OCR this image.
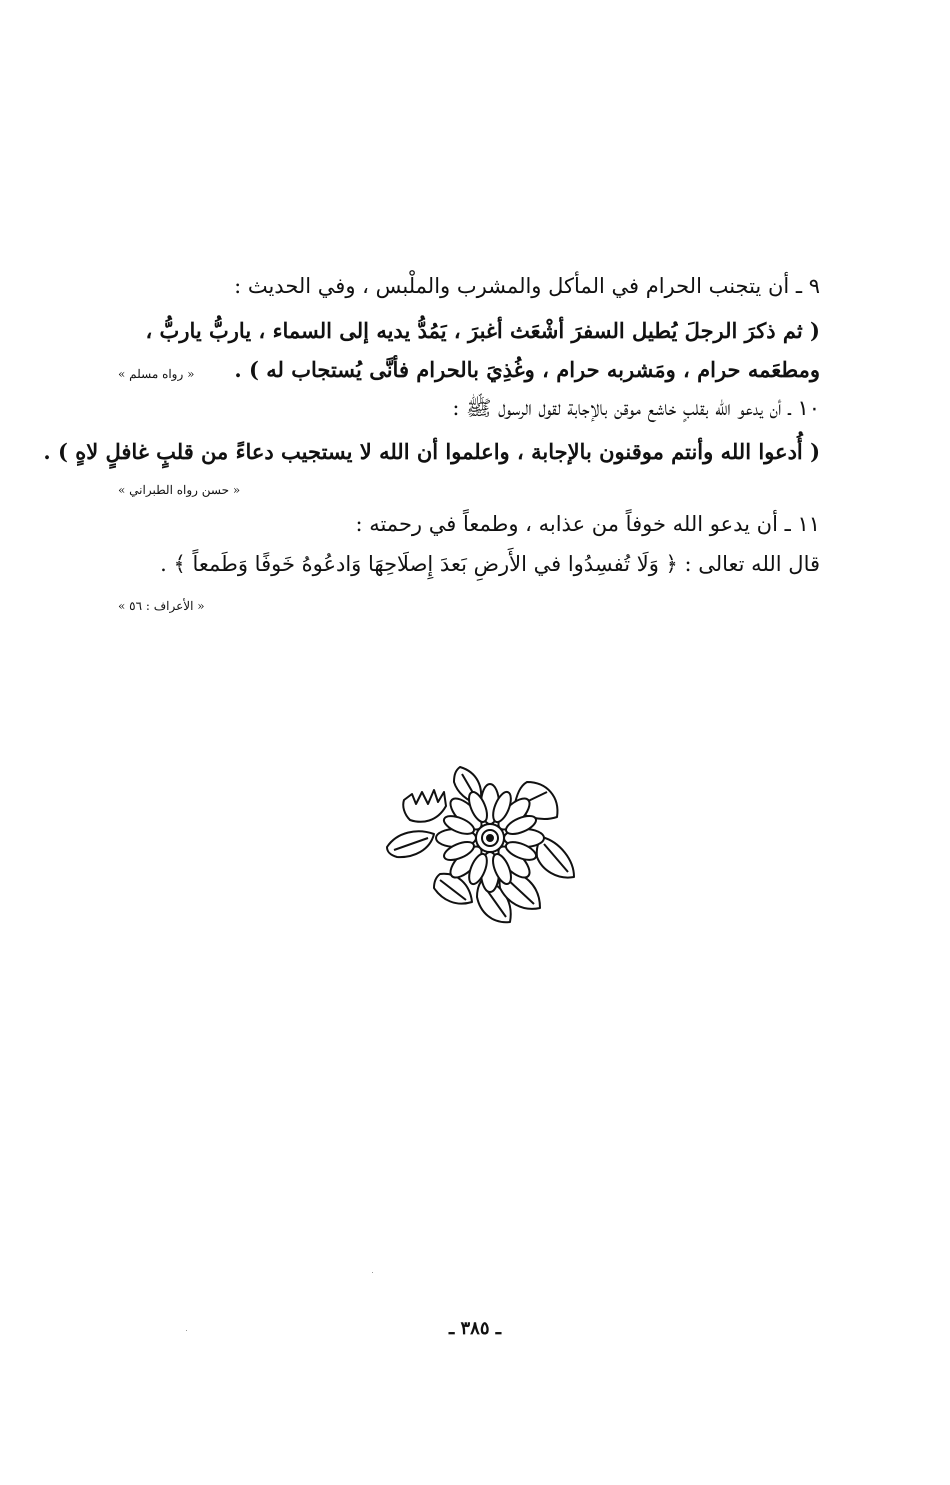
٩ ـ أن يتجنب الحرام في المأكل والمشرب والملْبس ، وفي الحديث :
( ثم ذكرَ الرجلَ يُطيل السفرَ أشْعَث أغبرَ ، يَمُدُّ يديه إلى السماء ، ياربُّ ياربُّ ،
ومطعَمه حرام ، ومَشربه حرام ، وغُذِيَ بالحرام فأنَّى يُستجاب له ) .
« رواه مسلم »
١٠ ـ أن يدعو الله بقلبٍ خاشع موقن بالإجابة لقول الرسول ﷺ :
( أُدعوا الله وأنتم موقنون بالإجابة ، واعلموا أن الله لا يستجيب دعاءً من قلبٍ غافلٍ لاهٍ ) .
« حسن رواه الطبراني »
١١ ـ أن يدعو الله خوفاً من عذابه ، وطمعاً في رحمته :
قال الله تعالى : ﴿ وَلَا تُفسِدُوا في الأَرضِ بَعدَ إِصلَاحِهَا وَادعُوهُ خَوفًا وَطَمعاً ﴾ .
« الأعراف : ٥٦ »
ـ ٣٨٥ ـ
